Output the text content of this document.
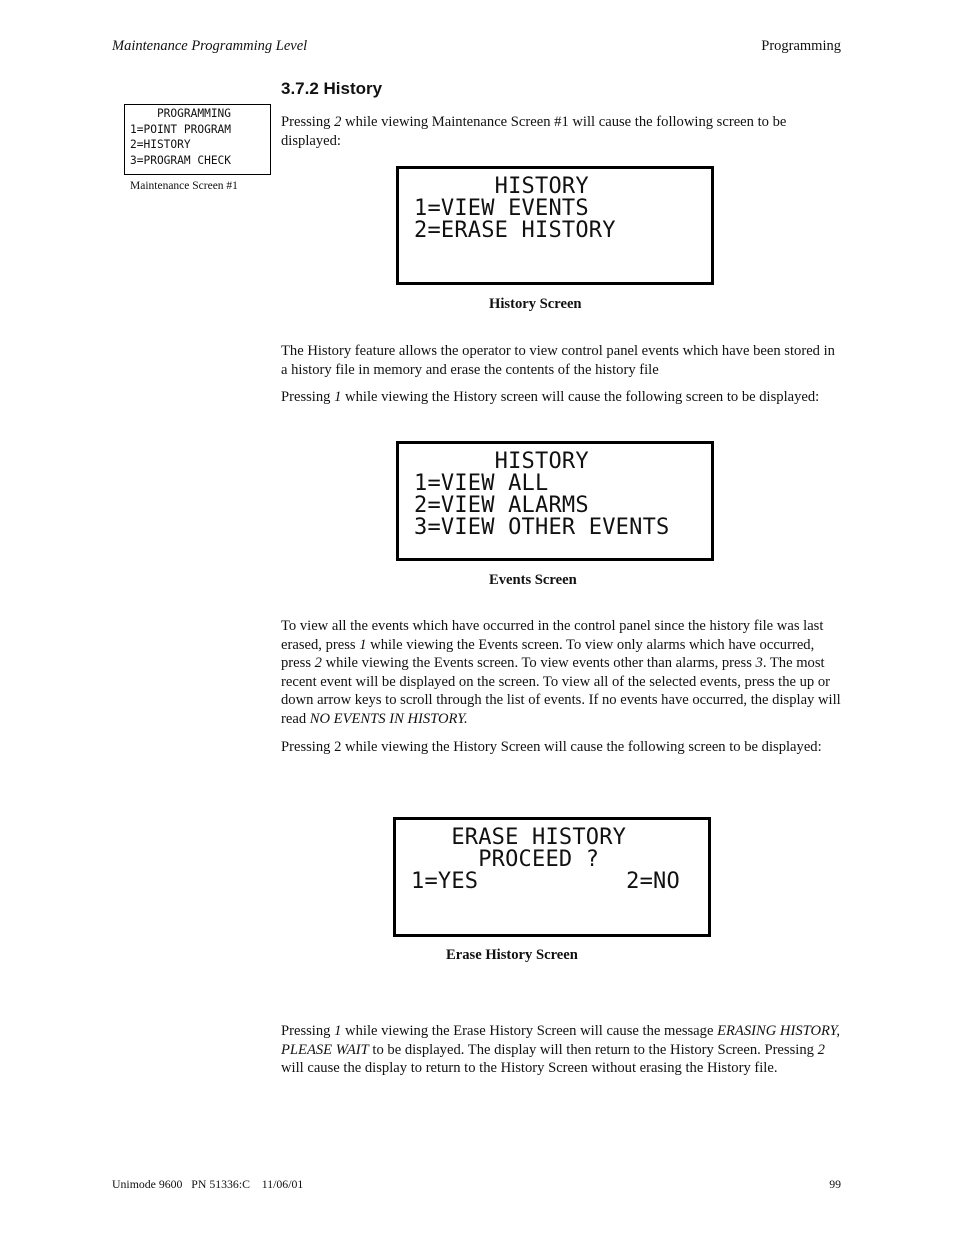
Maintenance Programming Level	Programming
3.7.2 History
PROGRAMMING
1=POINT PROGRAM
2=HISTORY
3=PROGRAM CHECK
Maintenance Screen #1

Pressing 2 while viewing Maintenance Screen #1 will cause the following screen to be displayed:

HISTORY
1=VIEW EVENTS
2=ERASE HISTORY
History Screen

The History feature allows the operator to view control panel events which have been stored in a history file in memory and erase the contents of the history file

Pressing 1 while viewing the History screen will cause the following screen to be displayed:

HISTORY
1=VIEW ALL
2=VIEW ALARMS
3=VIEW OTHER EVENTS
Events Screen

To view all the events which have occurred in the control panel since the history file was last erased, press 1 while viewing the Events screen. To view only alarms which have occurred, press 2 while viewing the Events screen. To view events other than alarms, press 3. The most recent event will be displayed on the screen. To view all of the selected events, press the up or down arrow keys to scroll through the list of events. If no events have occurred, the display will read NO EVENTS IN HISTORY.

Pressing 2 while viewing the History Screen will cause the following screen to be displayed:

ERASE HISTORY
PROCEED ?
1=YES           2=NO
Erase History Screen

Pressing 1 while viewing the Erase History Screen will cause the message ERASING HISTORY, PLEASE WAIT to be displayed. The display will then return to the History Screen. Pressing 2 will cause the display to return to the History Screen without erasing the History file.

Unimode 9600   PN 51336:C    11/06/01	99
